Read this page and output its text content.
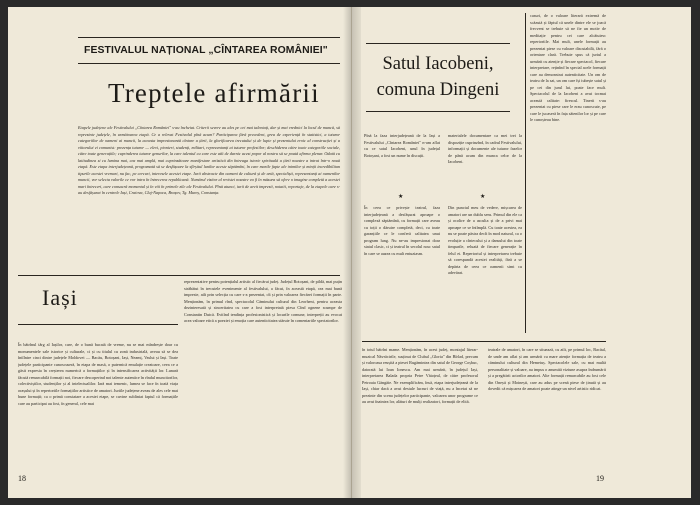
FESTIVALUL NAȚIONAL „CÎNTAREA ROMÂNIEI"
Treptele afirmării
Etapele județene ale Festivalului „Cîntarea României" s-au încheiat. Criterii severe au ales pe cei mai talentați, dar și mai vrednici la locul de muncă, să reprezinte județele, în următoarea etapă. Ce a relevat Festivalul pînă acum? Participarea fără precedent, grea de experiență în statistici, a tuturor categoriilor de oameni ai muncii, la aceasta impresionantă cîntare a țării, la glorificarea trecutului și de lupte și prezentului eroic al construcției și a viitorului ei comunist: prezența tuturor — elevi, pionieri, studenți, militari, reprezentanți ai tuturor profesiilor; deschiderea către toate categoriile sociale, către toate generațiile; cuprinderea tuturor genurilor, la care talentul cu care este atît de darnic acest popor al nostru să se poată afirma plenar. Odată cu latitudinea si cu lumina mai, cea mai amplă, mai cuprinzătoare manifestare artistică din întreaga istorie spirituală a țării noastre a intrat într-o nouă etapă. Este etapa interjudețeană, programată să se desfășoare la sfîrșitul lunilor aceste săptămîni, în care marile fapte ale inimilor și minții incredibilitan tipurile acestei vremuri, nu fac, pe cercuri, interesele acestei etape. Iurii abstracte din oameni de cultură și de artă, specialiști, reprezentanți ai oamenilor muncii, vor selecta valorile ce vor intra în întrecerea republicană. Numărul vizitor al revistei noastre va fi în măsura să ofere o imagine completă a acestei mari întreceri, care consacră momentul și în viii în primele zile ale Festivalului. Pînă atunci, iurii de areit imprezii, notatii, reportaje, de la etapele care s-au desfășurat în centrele Iași, Craiova, Cluj-Napoca, Brașov, Tg. Mureș, Constanța.
Iași
În bătrînul târg al Iașilor, care, de o bună bucată de vreme, nu se mai mîndrește doar cu monumentele sale istorice și culturale, ci și cu titulul cu zonă industrială, aveau să se dea întîlnire cinci dintre județele Moldovei — Bacău, Botoșani, Iași, Neamț, Vaslui și Iași. Toate județele participante cunoscuseră, în etapa de masă, o puternică emulație creatoare, ceea ce a găsit expresia în creșterea numerică a formațiilor și în intensificarea activității lor. Lunară făcută remarcabilă formații noi, fiecare descoperind noi talente autentice în rîndul muncitorilor, colectiviștilor, studenților și al intelectualilor. Iară mai temenic, lumea se face în toată viața orașului și în repertoriile formațiilor artistice de amatori. Juriile județene aveau de ales cele mai bune formații; ca o primă constatare a acestei etape, se cuvine subliniat faptul că formațiile care au participat au fost, în general, cele mai
reprezentative pentru potențialul artistic al fiecărui județ. Județul Botoșani, de pildă, mai puțin străbătut în trecutele evenimente al festivalului, a făcut, în această etapă, cea mai bună impresie, atît prin selecția cu care s-a prezentat, cît și prin valoarea fiecărei formații în parte. Menționăm, în primul rînd, spectacolul Căminului cultural din Leorheni, pentru aceasta dezinteresată și sinceritatea cu care a fost interpretată piesa Cînd ognene scumpe de Constantin Dutcă. Evitînd tendința profesionistică și locurile comune, interpreții au evocat acea valoare etică a poeziei și emoția care autenticitatea stăruie în comentariile spectatorilor.
18
Satul Iacobeni,
comuna Dingeni
Pînă la faza interjudețeană de la Iași a Festivalului „Cîntarea României" n-am aflat cu ce satul Iacobeni, unul în județul Botoșani, a fost un nume în discuții.
★
În ceea ce privește teatrul, faza interjudețeană a desfășurat aproape o complexă săptămînă, cu formații care aveau cu toții o dăruire completă, deci, cu toate garanțiile ce le conferă calitatea unui program lung. Nu ne-au impresionat doar statul clasic, ci și teatrul în secolul nou: satul în care se auzea cu mult entuziasm.
materialele documentare ca mei trei la dispoziție cuprinzînd, în cadrul Festivalului, informații și documente ale tuturor fazelor de până acum din munca celor de la Iacobeni.
★
Din punctul meu de vedere, mișcarea de amatori are un dublu sens. Primul din ele ca și ocolire de a asculta și de a privi mai aproape ce se întîmplă. Cu toate acestea, ea nu se poate păstra decît în mod natural, ca o evoluție a cîntecului și a dansului din toate timpurile, reluată de fiecare generație în felul ei. Repertoriul și interpretarea trebuie să corespundă acestei realități, fără a se depărta de ceea ce oamenii simt cu adevărat.
casuri, de o valoare literară extremă de scăzută și făptul că unele dintre ele se joacă frecvent se trebuie să ne fie un motiv de meditație pentru cei care alcătuiesc repertoriile. Mai mult, unele formații au prezentat piese cu valoare discutabilă, fără o orientare clară. Trebuie spus că juriul a urmărit cu atenție și fiecare spectacol, fiecare interpretare, reținînd în special acele formații care au demonstrat autenticitate. Un om de teatru de la sat, un om care își iubește satul și pe cei din jurul lui, poate face mult. Spectacolul de la Iacobeni a avut tocmai această calitate: firescul. Tinerii s-au prezentat cu piese care le erau cunoscute, pe care le jucaseră în fața sătenilor lor și pe care le cunoșteau bine.
în totul bătrîni mame. Menționăm, în acest județ, montajul literar-muzical Năvrăcirile, susținut de Clubul „Gloria" din Bîrlad, precum și valoroasa reușită a piesei Rugămintea din satul de George Coșbuc, datorată lui Ioan Ionescu. Am mai urmărit, în județul Iași, interpretarea Balada propria Petre Vătoțeal, de către profesorul Petroaia Găngăie. Ne exemplificăm, însă, etapa interjudețeană de la Iași, chiar dacă a avut destule lucruri de viață, nu a încetat să ne prezinte din scena județelor participante, valoarea unor programe ce au avut înaintea lor, alături de mulți realizatori, formații de elită.
teatrale de amatori, în care se situează, cu atît, pe primul loc, Bacăul, de unde am aflat și am urmărit cu mare atenție formația de teatru a căminului cultural din Hemeiuș. Spectacolele sale, cu mai multă personalitate și valoare, au impus o anumită viziune asupra îndrumării și a pregătirii actorilor amatori. Alte formații remarcabile au fost cele din Onești și Moinești, care au adus pe scenă piese de ținută și au dovedit că mișcarea de amatori poate atinge un nivel artistic ridicat.
19
